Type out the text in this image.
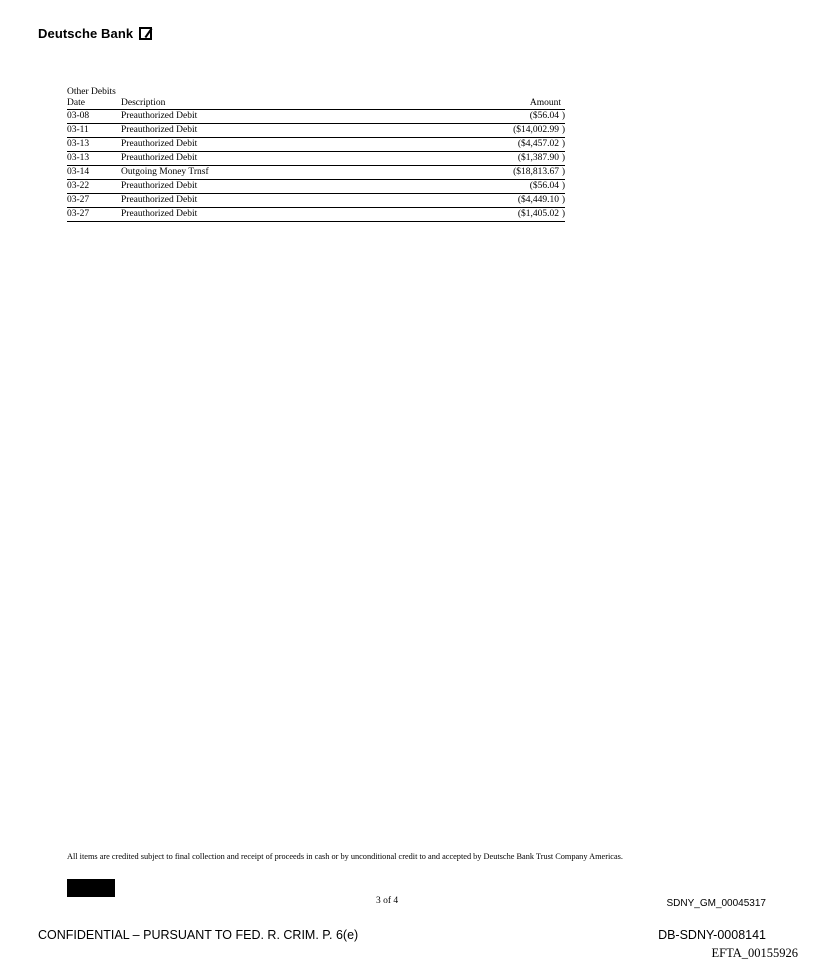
Deutsche Bank
Other Debits
Date	Description	Amount
03-08	Preauthorized Debit	($56.04 )
03-11	Preauthorized Debit	($14,002.99 )
03-13	Preauthorized Debit	($4,457.02 )
03-13	Preauthorized Debit	($1,387.90 )
03-14	Outgoing Money Trnsf	($18,813.67 )
03-22	Preauthorized Debit	($56.04 )
03-27	Preauthorized Debit	($4,449.10 )
03-27	Preauthorized Debit	($1,405.02 )
All items are credited subject to final collection and receipt of proceeds in cash or by unconditional credit to and accepted by Deutsche Bank Trust Company Americas.
3 of 4	SDNY_GM_00045317
CONFIDENTIAL – PURSUANT TO FED. R. CRIM. P. 6(e)	DB-SDNY-0008141
EFTA_00155926
